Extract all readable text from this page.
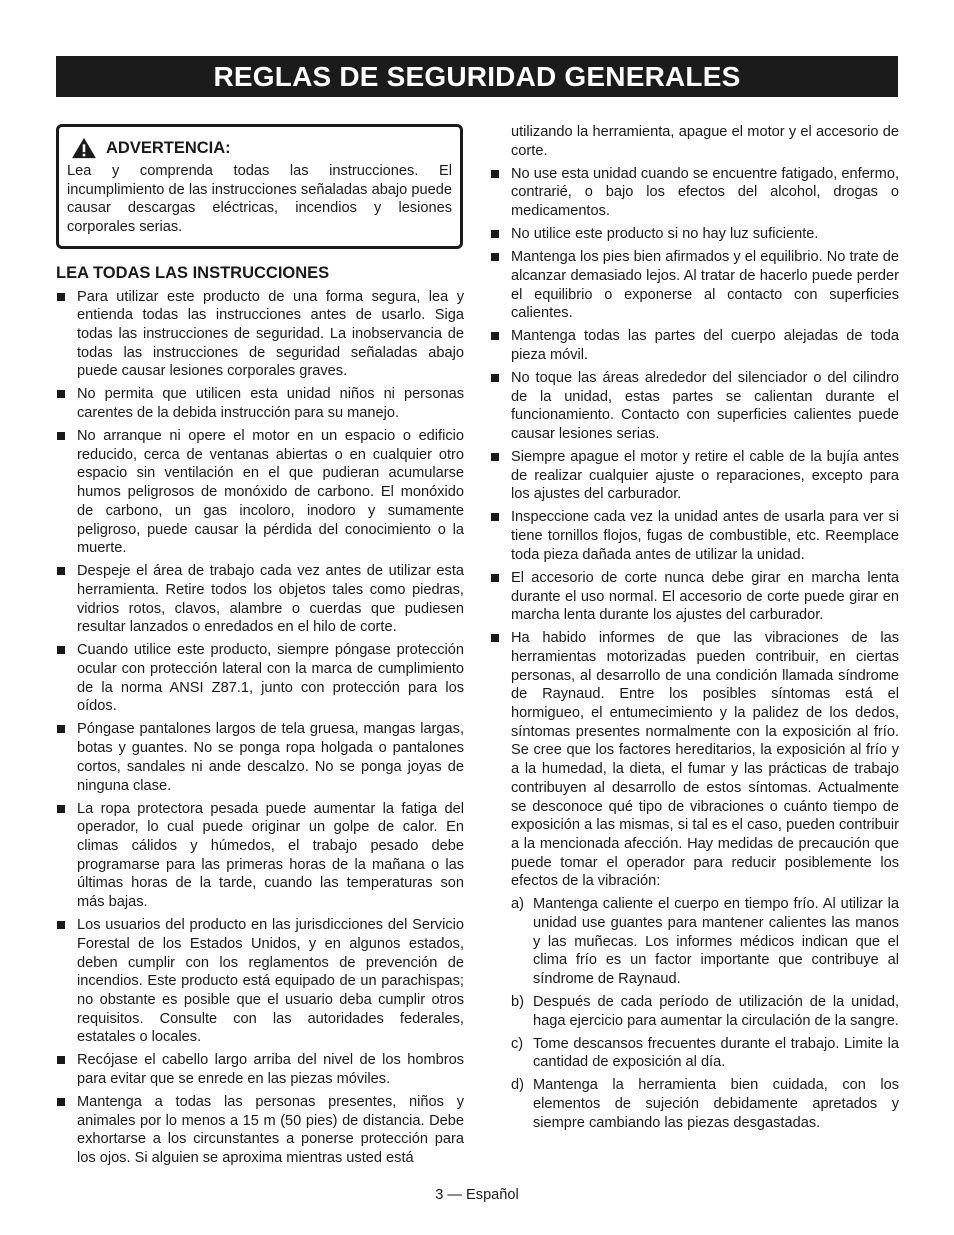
REGLAS DE SEGURIDAD GENERALES
ADVERTENCIA:
Lea y comprenda todas las instrucciones. El incumplimiento de las instrucciones señaladas abajo puede causar descargas eléctricas, incendios y lesiones corporales serias.
LEA TODAS LAS INSTRUCCIONES
Para utilizar este producto de una forma segura, lea y entienda todas las instrucciones antes de usarlo. Siga todas las instrucciones de seguridad. La inobservancia de todas las instrucciones de seguridad señaladas abajo puede causar lesiones corporales graves.
No permita que utilicen esta unidad niños ni personas carentes de la debida instrucción para su manejo.
No arranque ni opere el motor en un espacio o edificio reducido, cerca de ventanas abiertas o en cualquier otro espacio sin ventilación en el que pudieran acumularse humos peligrosos de monóxido de carbono. El monóxido de carbono, un gas incoloro, inodoro y sumamente peligroso, puede causar la pérdida del conocimiento o la muerte.
Despeje el área de trabajo cada vez antes de utilizar esta herramienta. Retire todos los objetos tales como piedras, vidrios rotos, clavos, alambre o cuerdas que pudiesen resultar lanzados o enredados en el hilo de corte.
Cuando utilice este producto, siempre póngase protección ocular con protección lateral con la marca de cumplimiento de la norma ANSI Z87.1, junto con protección para los oídos.
Póngase pantalones largos de tela gruesa, mangas largas, botas y guantes. No se ponga ropa holgada o pantalones cortos, sandales ni ande descalzo. No se ponga joyas de ninguna clase.
La ropa protectora pesada puede aumentar la fatiga del operador, lo cual puede originar un golpe de calor. En climas cálidos y húmedos, el trabajo pesado debe programarse para las primeras horas de la mañana o las últimas horas de la tarde, cuando las temperaturas son más bajas.
Los usuarios del producto en las jurisdicciones del Servicio Forestal de los Estados Unidos, y en algunos estados, deben cumplir con los reglamentos de prevención de incendios. Este producto está equipado de un parachispas; no obstante es posible que el usuario deba cumplir otros requisitos. Consulte con las autoridades federales, estatales o locales.
Recójase el cabello largo arriba del nivel de los hombros para evitar que se enrede en las piezas móviles.
Mantenga a todas las personas presentes, niños y animales por lo menos a 15 m (50 pies) de distancia. Debe exhortarse a los circunstantes a ponerse protección para los ojos. Si alguien se aproxima mientras usted está
utilizando la herramienta, apague el motor y el accesorio de corte.
No use esta unidad cuando se encuentre fatigado, enfermo, contrarié, o bajo los efectos del alcohol, drogas o medicamentos.
No utilice este producto si no hay luz suficiente.
Mantenga los pies bien afirmados y el equilibrio. No trate de alcanzar demasiado lejos. Al tratar de hacerlo puede perder el equilibrio o exponerse al contacto con superficies calientes.
Mantenga todas las partes del cuerpo alejadas de toda pieza móvil.
No toque las áreas alrededor del silenciador o del cilindro de la unidad, estas partes se calientan durante el funcionamiento. Contacto con superficies calientes puede causar lesiones serias.
Siempre apague el motor y retire el cable de la bujía antes de realizar cualquier ajuste o reparaciones, excepto para los ajustes del carburador.
Inspeccione cada vez la unidad antes de usarla para ver si tiene tornillos flojos, fugas de combustible, etc. Reemplace toda pieza dañada antes de utilizar la unidad.
El accesorio de corte nunca debe girar en marcha lenta durante el uso normal. El accesorio de corte puede girar en marcha lenta durante los ajustes del carburador.
Ha habido informes de que las vibraciones de las herramientas motorizadas pueden contribuir, en ciertas personas, al desarrollo de una condición llamada síndrome de Raynaud. Entre los posibles síntomas está el hormigueo, el entumecimiento y la palidez de los dedos, síntomas presentes normalmente con la exposición al frío. Se cree que los factores hereditarios, la exposición al frío y a la humedad, la dieta, el fumar y las prácticas de trabajo contribuyen al desarrollo de estos síntomas. Actualmente se desconoce qué tipo de vibraciones o cuánto tiempo de exposición a las mismas, si tal es el caso, pueden contribuir a la mencionada afección. Hay medidas de precaución que puede tomar el operador para reducir posiblemente los efectos de la vibración:
a) Mantenga caliente el cuerpo en tiempo frío. Al utilizar la unidad use guantes para mantener calientes las manos y las muñecas. Los informes médicos indican que el clima frío es un factor importante que contribuye al síndrome de Raynaud.
b) Después de cada período de utilización de la unidad, haga ejercicio para aumentar la circulación de la sangre.
c) Tome descansos frecuentes durante el trabajo. Limite la cantidad de exposición al día.
d) Mantenga la herramienta bien cuidada, con los elementos de sujeción debidamente apretados y siempre cambiando las piezas desgastadas.
3 — Español
